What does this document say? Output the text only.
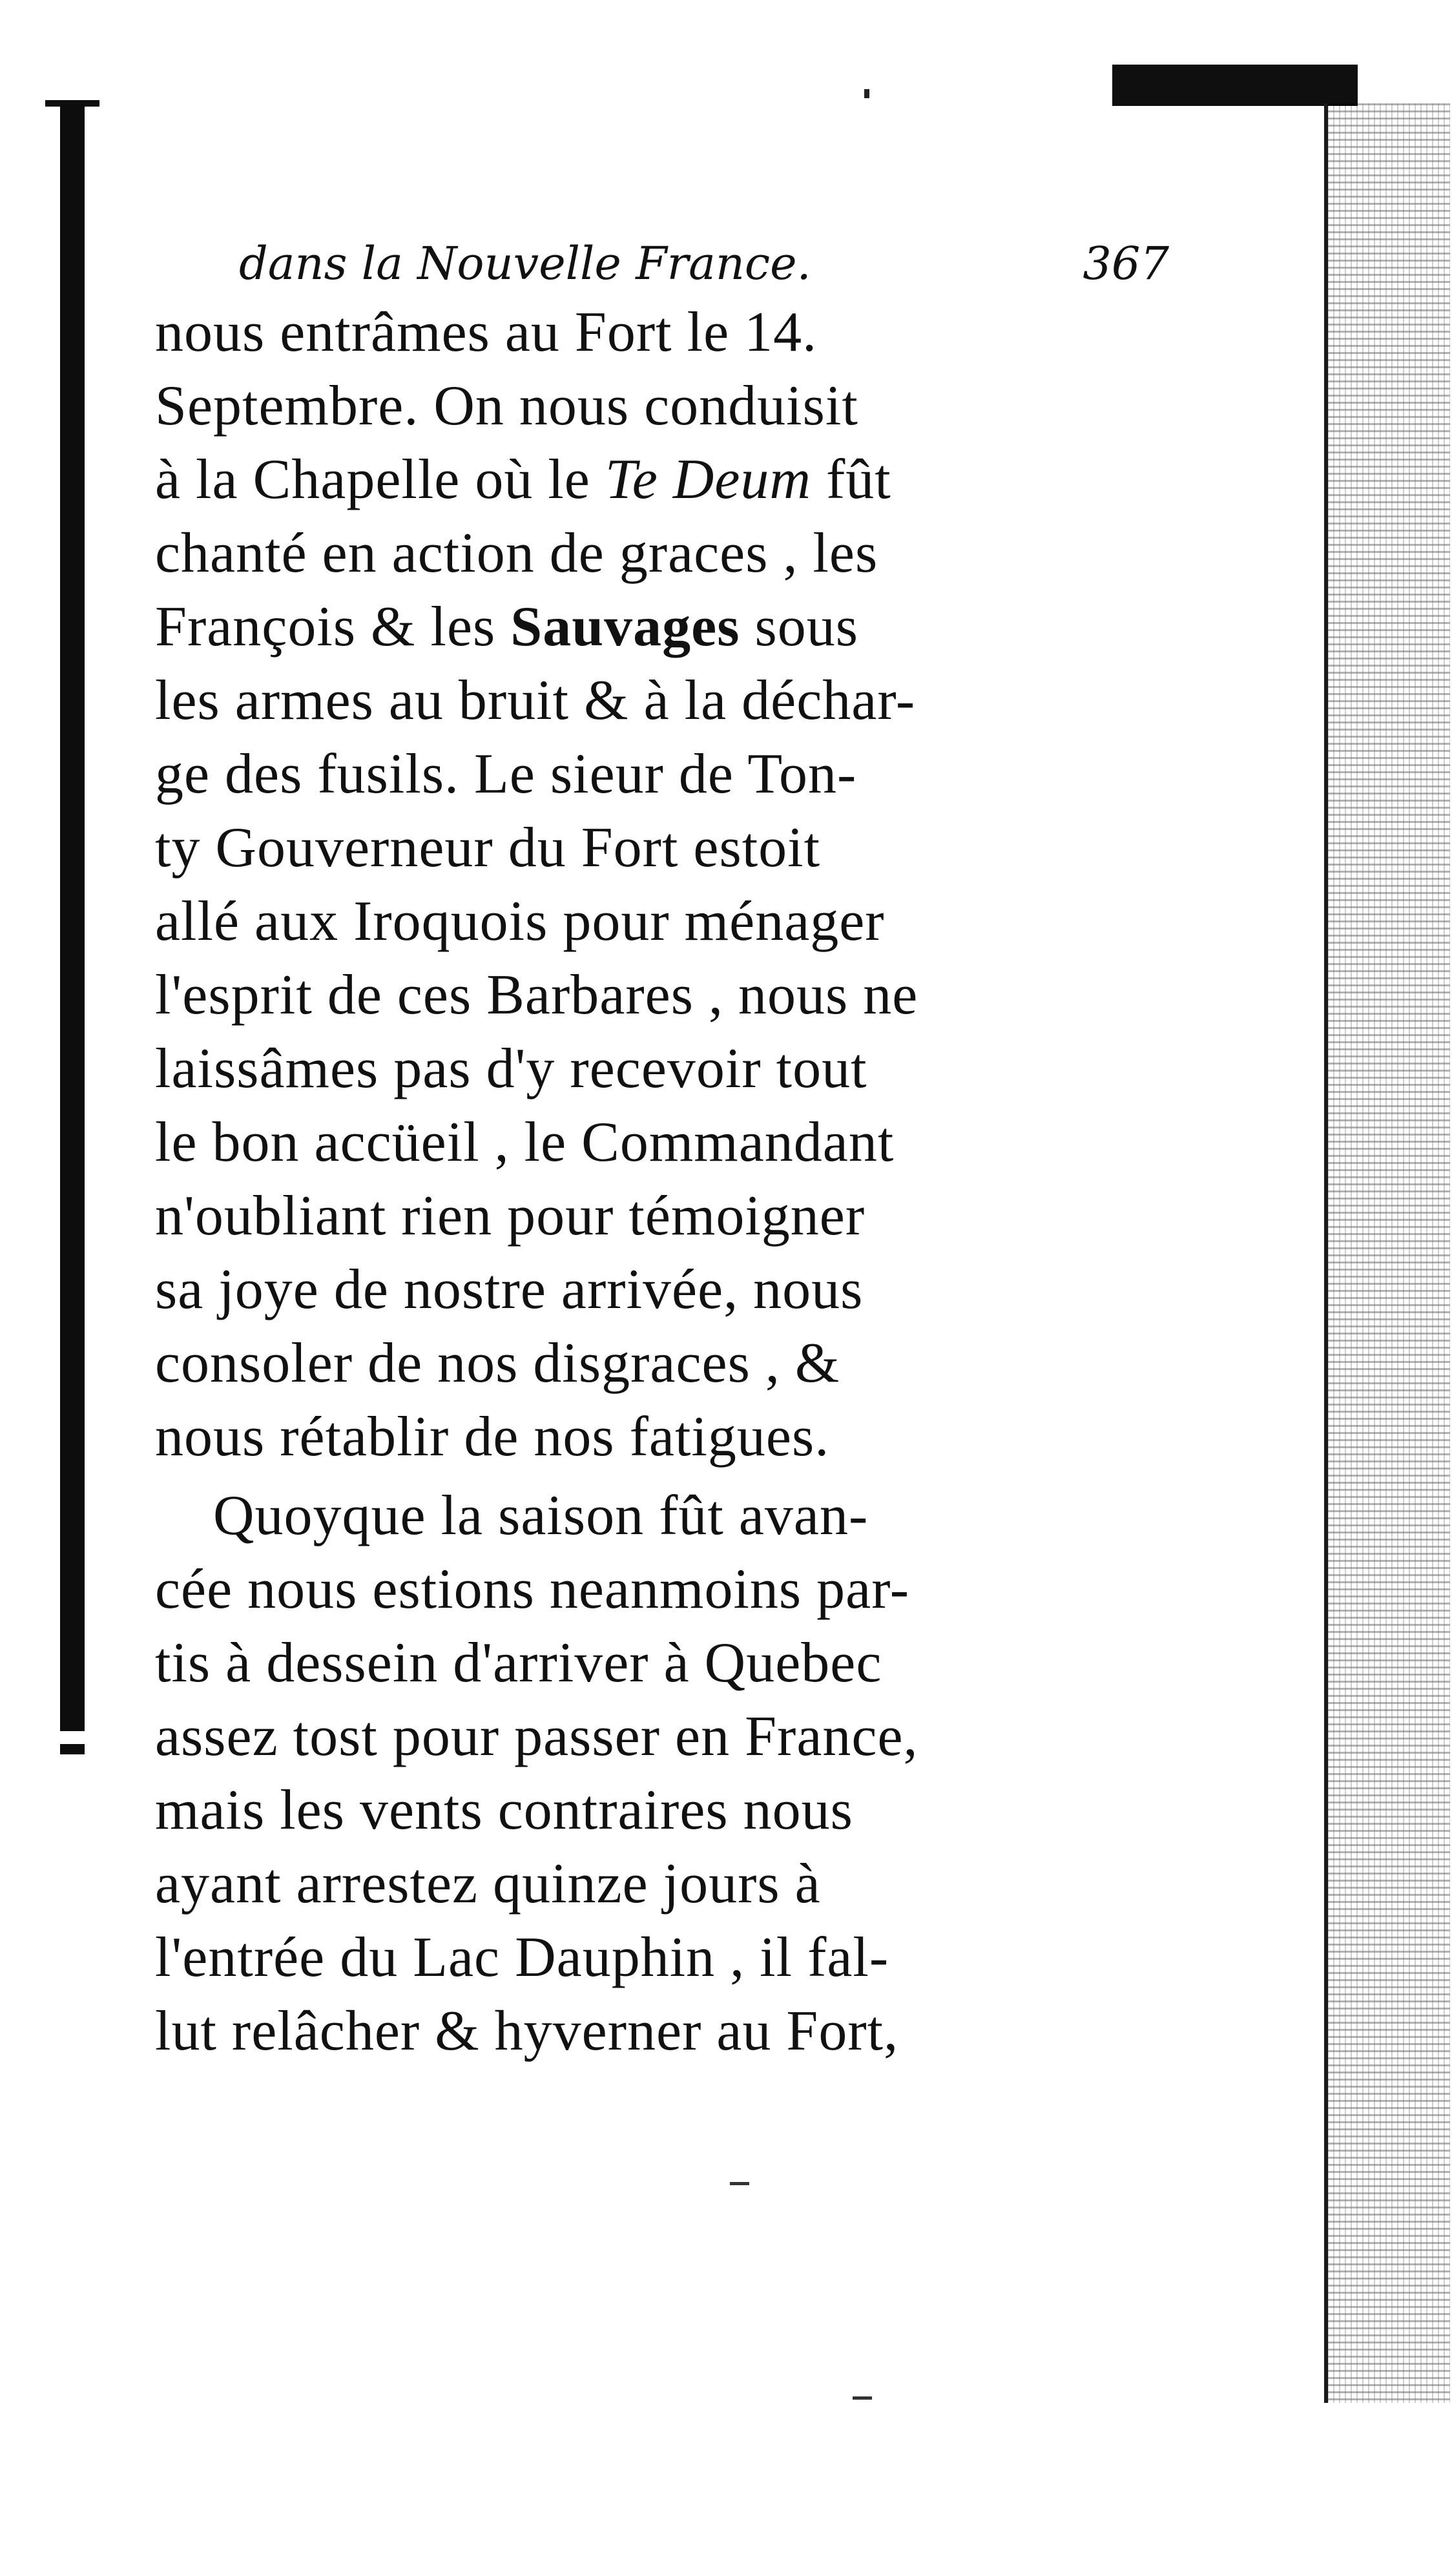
dans la Nouvelle France.	367
nous entrâmes au Fort le 14.
Septembre. On nous conduisit
à la Chapelle où le Te Deum fût
chanté en action de graces , les
François & les Sauvages sous
les armes au bruit & à la déchar-
ge des fusils. Le sieur de Ton-
ty Gouverneur du Fort estoit
allé aux Iroquois pour ménager
l'esprit de ces Barbares , nous ne
laissâmes pas d'y recevoir tout
le bon accüeil , le Commandant
n'oubliant rien pour témoigner
sa joye de nostre arrivée, nous
consoler de nos disgraces , &
nous rétablir de nos fatigues.
Quoyque la saison fût avan-
cée nous estions neanmoins par-
tis à dessein d'arriver à Quebec
assez tost pour passer en France,
mais les vents contraires nous
ayant arrestez quinze jours à
l'entrée du Lac Dauphin , il fal-
lut relâcher & hyverner au Fort,
